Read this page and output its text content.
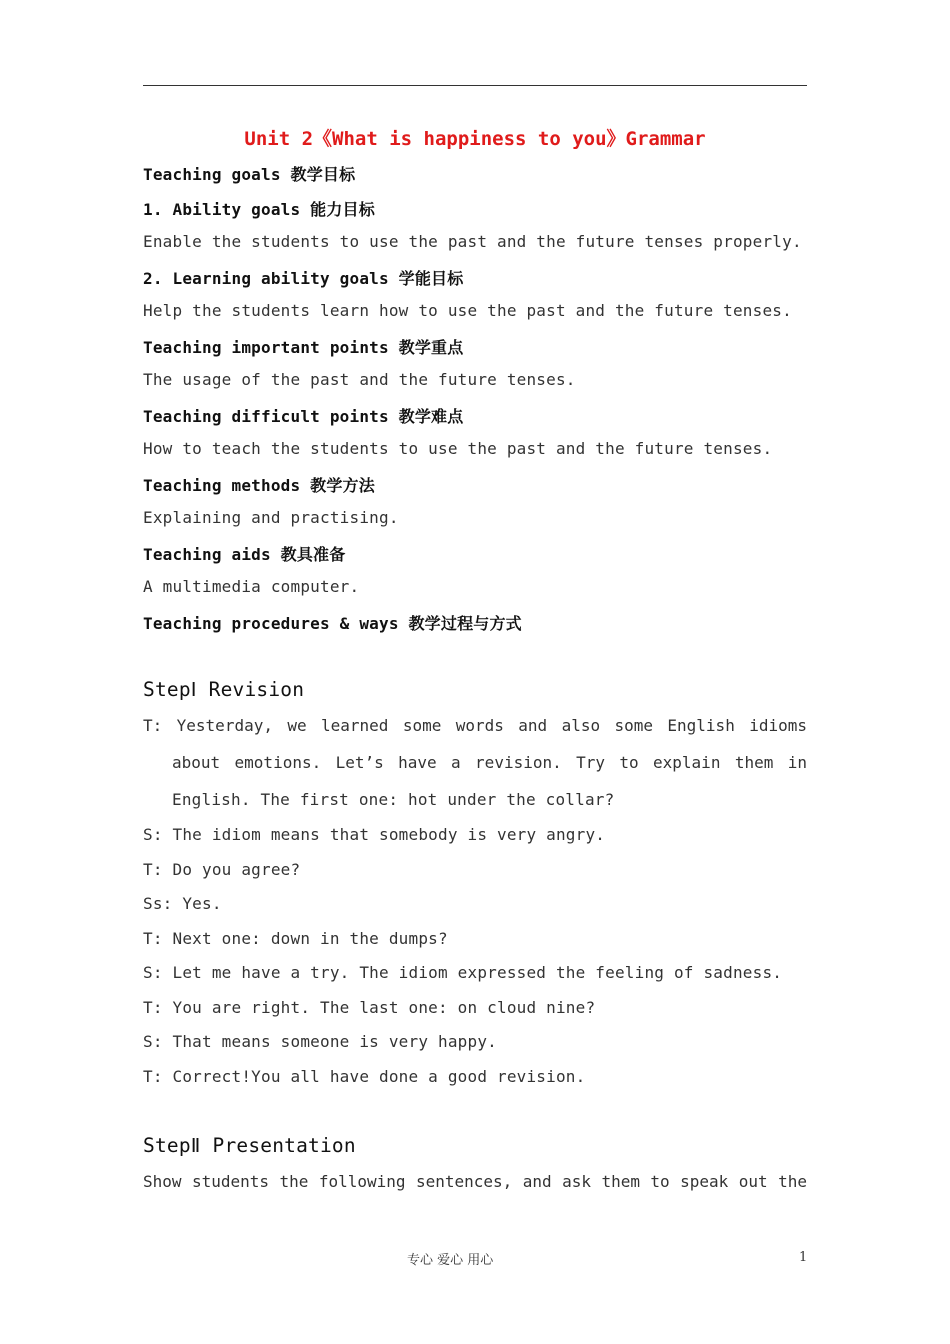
Unit 2《What is happiness to you》Grammar
Teaching goals 教学目标
1. Ability goals 能力目标
Enable the students to use the past and the future tenses properly.
2. Learning ability goals 学能目标
Help the students learn how to use the past and the future tenses.
Teaching important points 教学重点
The usage of the past and the future tenses.
Teaching difficult points 教学难点
How to teach the students to use the past and the future tenses.
Teaching methods 教学方法
Explaining and practising.
Teaching aids 教具准备
A multimedia computer.
Teaching procedures & ways 教学过程与方式
StepⅠ Revision
T: Yesterday, we learned some words and also some English idioms
about emotions. Let’s have a revision. Try to explain them in
English. The first one: hot under the collar?
S: The idiom means that somebody is very angry.
T: Do you agree?
Ss: Yes.
T: Next one: down in the dumps?
S: Let me have a try. The idiom expressed the feeling of sadness.
T: You are right. The last one: on cloud nine?
S: That means someone is very happy.
T: Correct!You all have done a good revision.
StepⅡ Presentation
Show students the following sentences, and ask them to speak out the
专心 爱心 用心	1
